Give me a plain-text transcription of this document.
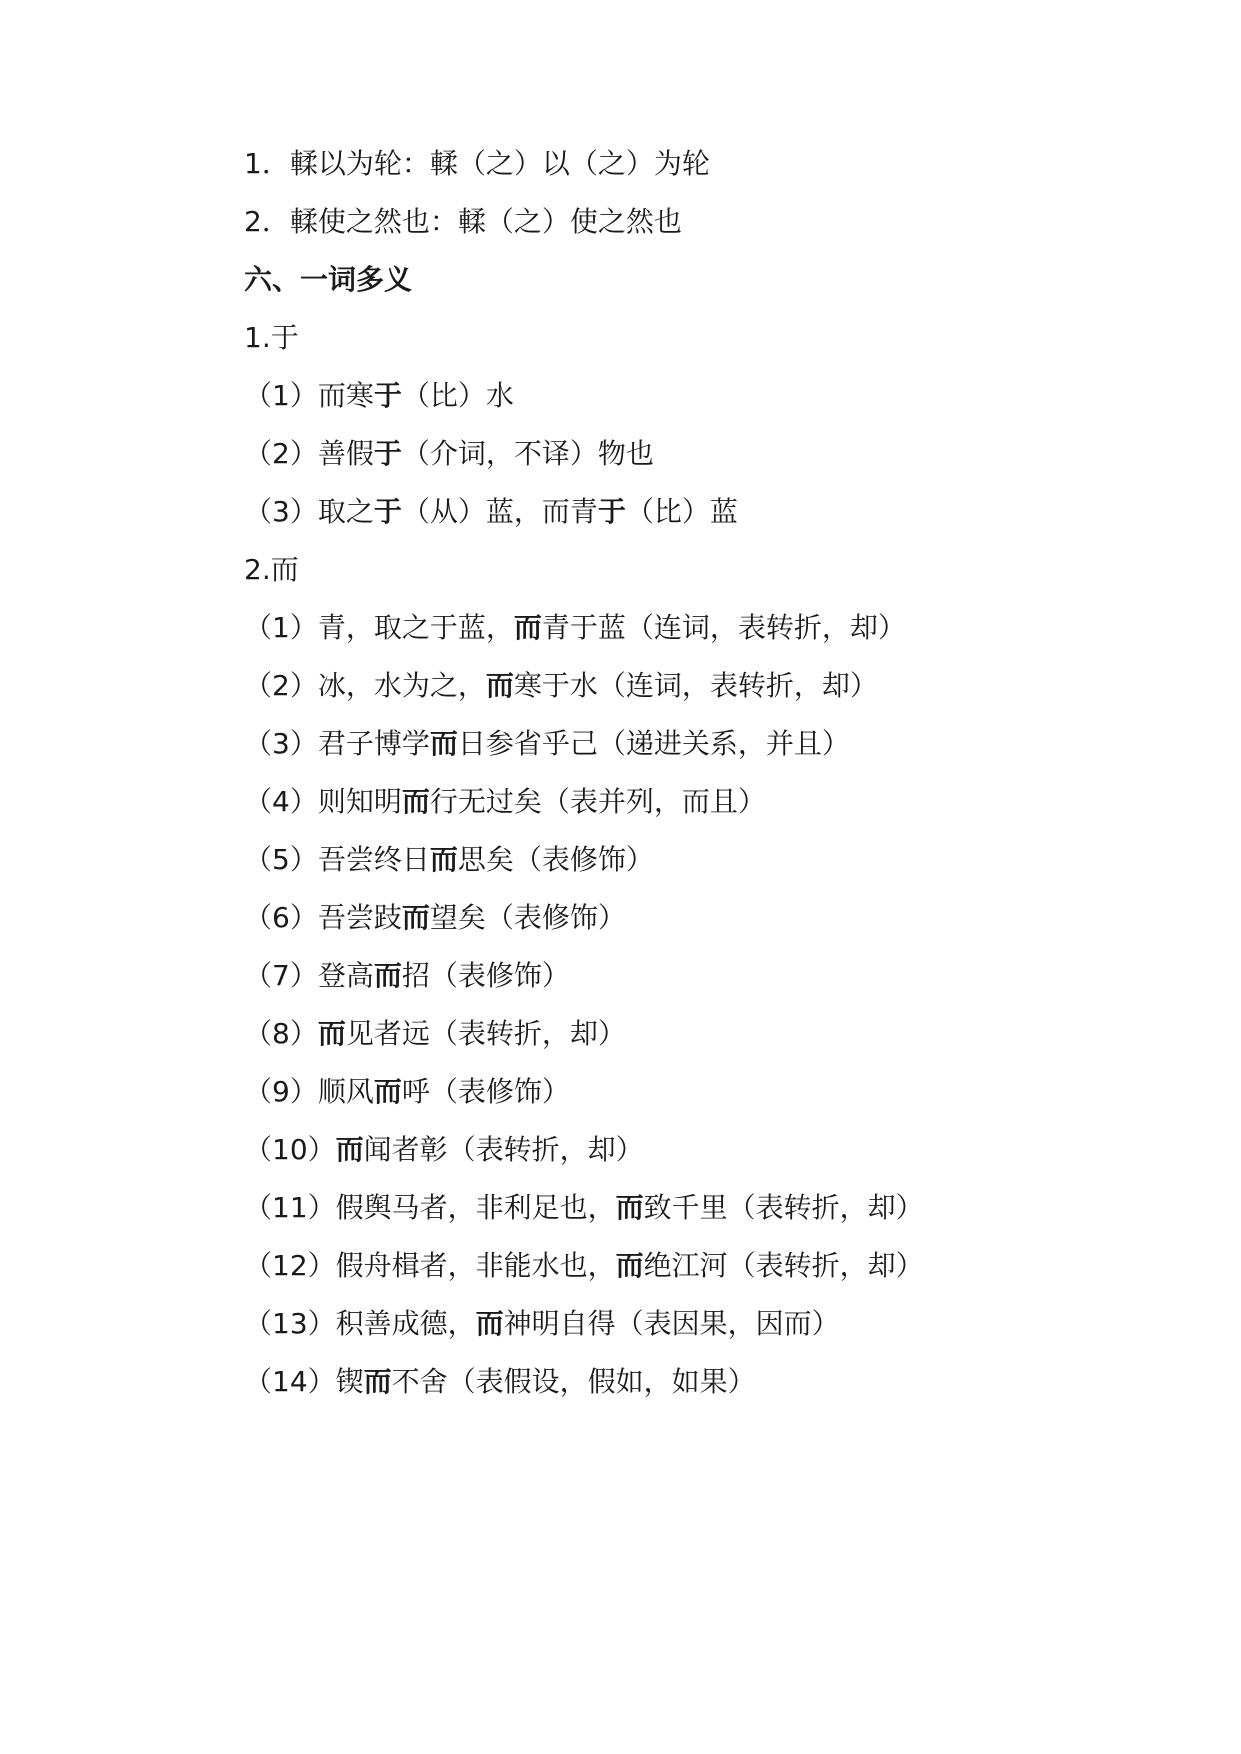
1．輮以为轮：輮（之）以（之）为轮
2．輮使之然也：輮（之）使之然也
六、一词多义
1.于
（1）而寒于（比）水
（2）善假于（介词，不译）物也
（3）取之于（从）蓝，而青于（比）蓝
2.而
（1）青，取之于蓝，而青于蓝（连词，表转折，却）
（2）冰，水为之，而寒于水（连词，表转折，却）
（3）君子博学而日参省乎己（递进关系，并且）
（4）则知明而行无过矣（表并列，而且）
（5）吾尝终日而思矣（表修饰）
（6）吾尝跂而望矣（表修饰）
（7）登高而招（表修饰）
（8）而见者远（表转折，却）
（9）顺风而呼（表修饰）
（10）而闻者彰（表转折，却）
（11）假舆马者，非利足也，而致千里（表转折，却）
（12）假舟楫者，非能水也，而绝江河（表转折，却）
（13）积善成德，而神明自得（表因果，因而）
（14）锲而不舍（表假设，假如，如果）
